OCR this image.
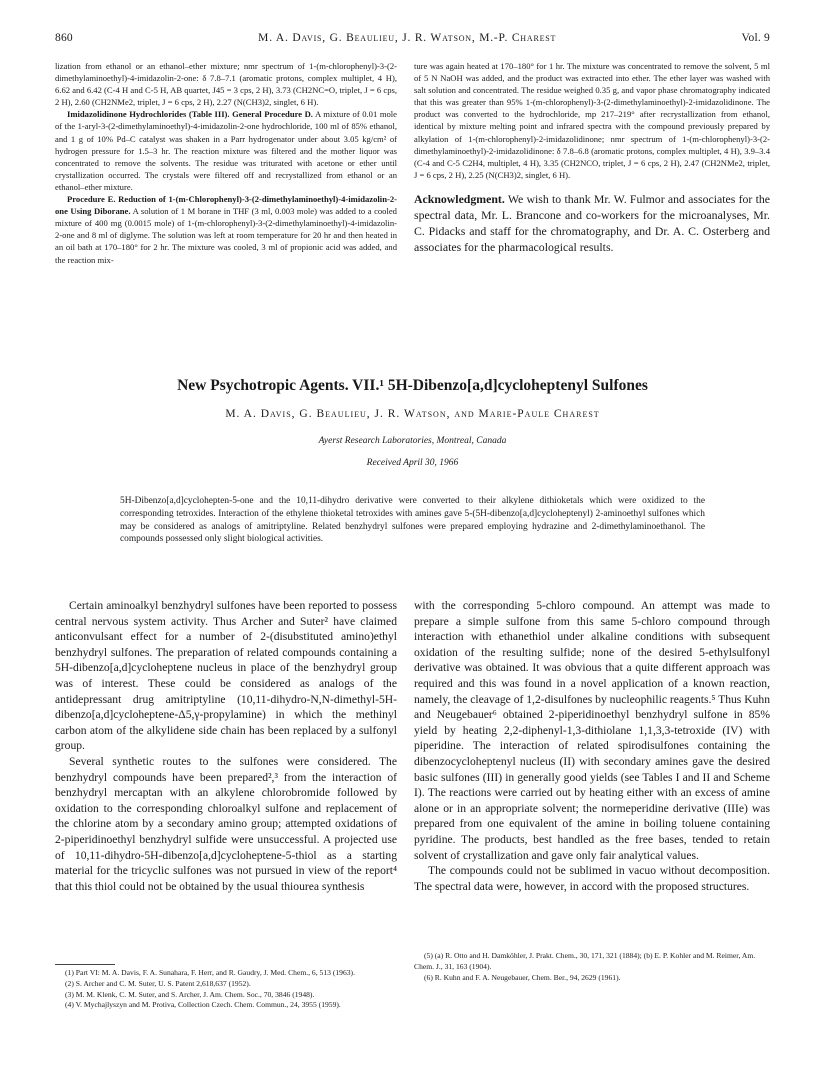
860	M. A. Davis, G. Beaulieu, J. R. Watson, M.-P. Charest	Vol. 9

lization from ethanol or an ethanol–ether mixture; nmr spectrum of 1-(m-chlorophenyl)-3-(2-dimethylaminoethyl)-4-imidazolin-2-one: δ 7.8–7.1 (aromatic protons, complex multiplet, 4 H), 6.62 and 6.42 (C-4 H and C-5 H, AB quartet, J45 = 3 cps, 2 H), 3.73 (CH2NC=O, triplet, J = 6 cps, 2 H), 2.60 (CH2NMe2, triplet, J = 6 cps, 2 H), 2.27 (N(CH3)2, singlet, 6 H).

Imidazolidinone Hydrochlorides (Table III). General Procedure D. A mixture of 0.01 mole of the 1-aryl-3-(2-dimethylaminoethyl)-4-imidazolin-2-one hydrochloride, 100 ml of 85% ethanol, and 1 g of 10% Pd–C catalyst was shaken in a Parr hydrogenator under about 3.05 kg/cm² of hydrogen pressure for 1.5–3 hr. The reaction mixture was filtered and the mother liquor was concentrated to remove the solvents. The residue was triturated with acetone or ether until crystallization occurred. The crystals were filtered off and recrystallized from ethanol or an ethanol–ether mixture.

Procedure E. Reduction of 1-(m-Chlorophenyl)-3-(2-dimethylaminoethyl)-4-imidazolin-2-one Using Diborane. A solution of 1 M borane in THF (3 ml, 0.003 mole) was added to a cooled mixture of 400 mg (0.0015 mole) of 1-(m-chlorophenyl)-3-(2-dimethylaminoethyl)-4-imidazolin-2-one and 8 ml of diglyme. The solution was left at room temperature for 20 hr and then heated in an oil bath at 170–180° for 2 hr. The mixture was cooled, 3 ml of propionic acid was added, and the reaction mix-

ture was again heated at 170–180° for 1 hr. The mixture was concentrated to remove the solvent, 5 ml of 5 N NaOH was added, and the product was extracted into ether. The ether layer was washed with salt solution and concentrated. The residue weighed 0.35 g, and vapor phase chromatography indicated that this was greater than 95% 1-(m-chlorophenyl)-3-(2-dimethylaminoethyl)-2-imidazolidinone. The product was converted to the hydrochloride, mp 217–219° after recrystallization from ethanol, identical by mixture melting point and infrared spectra with the compound previously prepared by alkylation of 1-(m-chlorophenyl)-2-imidazolidinone; nmr spectrum of 1-(m-chlorophenyl)-3-(2-dimethylaminoethyl)-2-imidazolidinone: δ 7.8–6.8 (aromatic protons, complex multiplet, 4 H), 3.9–3.4 (C-4 and C-5 C2H4, multiplet, 4 H), 3.35 (CH2NCO, triplet, J = 6 cps, 2 H), 2.47 (CH2NMe2, triplet, J = 6 cps, 2 H), 2.25 (N(CH3)2, singlet, 6 H).

Acknowledgment. We wish to thank Mr. W. Fulmor and associates for the spectral data, Mr. L. Brancone and co-workers for the microanalyses, Mr. C. Pidacks and staff for the chromatography, and Dr. A. C. Osterberg and associates for the pharmacological results.

New Psychotropic Agents. VII.¹ 5H-Dibenzo[a,d]cycloheptenyl Sulfones
M. A. Davis, G. Beaulieu, J. R. Watson, and Marie-Paule Charest
Ayerst Research Laboratories, Montreal, Canada
Received April 30, 1966

5H-Dibenzo[a,d]cyclohepten-5-one and the 10,11-dihydro derivative were converted to their alkylene dithioketals which were oxidized to the corresponding tetroxides. Interaction of the ethylene thioketal tetroxides with amines gave 5-(5H-dibenzo[a,d]cycloheptenyl) 2-aminoethyl sulfones which may be considered as analogs of amitriptyline. Related benzhydryl sulfones were prepared employing hydrazine and 2-dimethylaminoethanol. The compounds possessed only slight biological activities.

Certain aminoalkyl benzhydryl sulfones have been reported to possess central nervous system activity. Thus Archer and Suter² have claimed anticonvulsant effect for a number of 2-(disubstituted amino)ethyl benzhydryl sulfones. The preparation of related compounds containing a 5H-dibenzo[a,d]cycloheptene nucleus in place of the benzhydryl group was of interest. These could be considered as analogs of the antidepressant drug amitriptyline (10,11-dihydro-N,N-dimethyl-5H-dibenzo[a,d]cycloheptene-Δ5,γ-propylamine) in which the methinyl carbon atom of the alkylidene side chain has been replaced by a sulfonyl group.

Several synthetic routes to the sulfones were considered. The benzhydryl compounds have been prepared²,³ from the interaction of benzhydryl mercaptan with an alkylene chlorobromide followed by oxidation to the corresponding chloroalkyl sulfone and replacement of the chlorine atom by a secondary amino group; attempted oxidations of 2-piperidinoethyl benzhydryl sulfide were unsuccessful. A projected use of 10,11-dihydro-5H-dibenzo[a,d]cycloheptene-5-thiol as a starting material for the tricyclic sulfones was not pursued in view of the report⁴ that this thiol could not be obtained by the usual thiourea synthesis

with the corresponding 5-chloro compound. An attempt was made to prepare a simple sulfone from this same 5-chloro compound through interaction with ethanethiol under alkaline conditions with subsequent oxidation of the resulting sulfide; none of the desired 5-ethylsulfonyl derivative was obtained. It was obvious that a quite different approach was required and this was found in a novel application of a known reaction, namely, the cleavage of 1,2-disulfones by nucleophilic reagents.⁵ Thus Kuhn and Neugebauer⁶ obtained 2-piperidinoethyl benzhydryl sulfone in 85% yield by heating 2,2-diphenyl-1,3-dithiolane 1,1,3,3-tetroxide (IV) with piperidine. The interaction of related spirodisulfones containing the dibenzocycloheptenyl nucleus (II) with secondary amines gave the desired basic sulfones (III) in generally good yields (see Tables I and II and Scheme I). The reactions were carried out by heating either with an excess of amine alone or in an appropriate solvent; the normeperidine derivative (IIIe) was prepared from one equivalent of the amine in boiling toluene containing pyridine. The products, best handled as the free bases, tended to retain solvent of crystallization and gave only fair analytical values.

The compounds could not be sublimed in vacuo without decomposition. The spectral data were, however, in accord with the proposed structures.

(1) Part VI: M. A. Davis, F. A. Sunahara, F. Herr, and R. Gaudry, J. Med. Chem., 6, 513 (1963).

(2) S. Archer and C. M. Suter, U. S. Patent 2,618,637 (1952).

(3) M. M. Klenk, C. M. Suter, and S. Archer, J. Am. Chem. Soc., 70, 3846 (1948).

(4) V. Mychajlyszyn and M. Protiva, Collection Czech. Chem. Commun., 24, 3955 (1959).

(5) (a) R. Otto and H. Damköhler, J. Prakt. Chem., 30, 171, 321 (1884); (b) E. P. Kohler and M. Reimer, Am. Chem. J., 31, 163 (1904).

(6) R. Kuhn and F. A. Neugebauer, Chem. Ber., 94, 2629 (1961).
